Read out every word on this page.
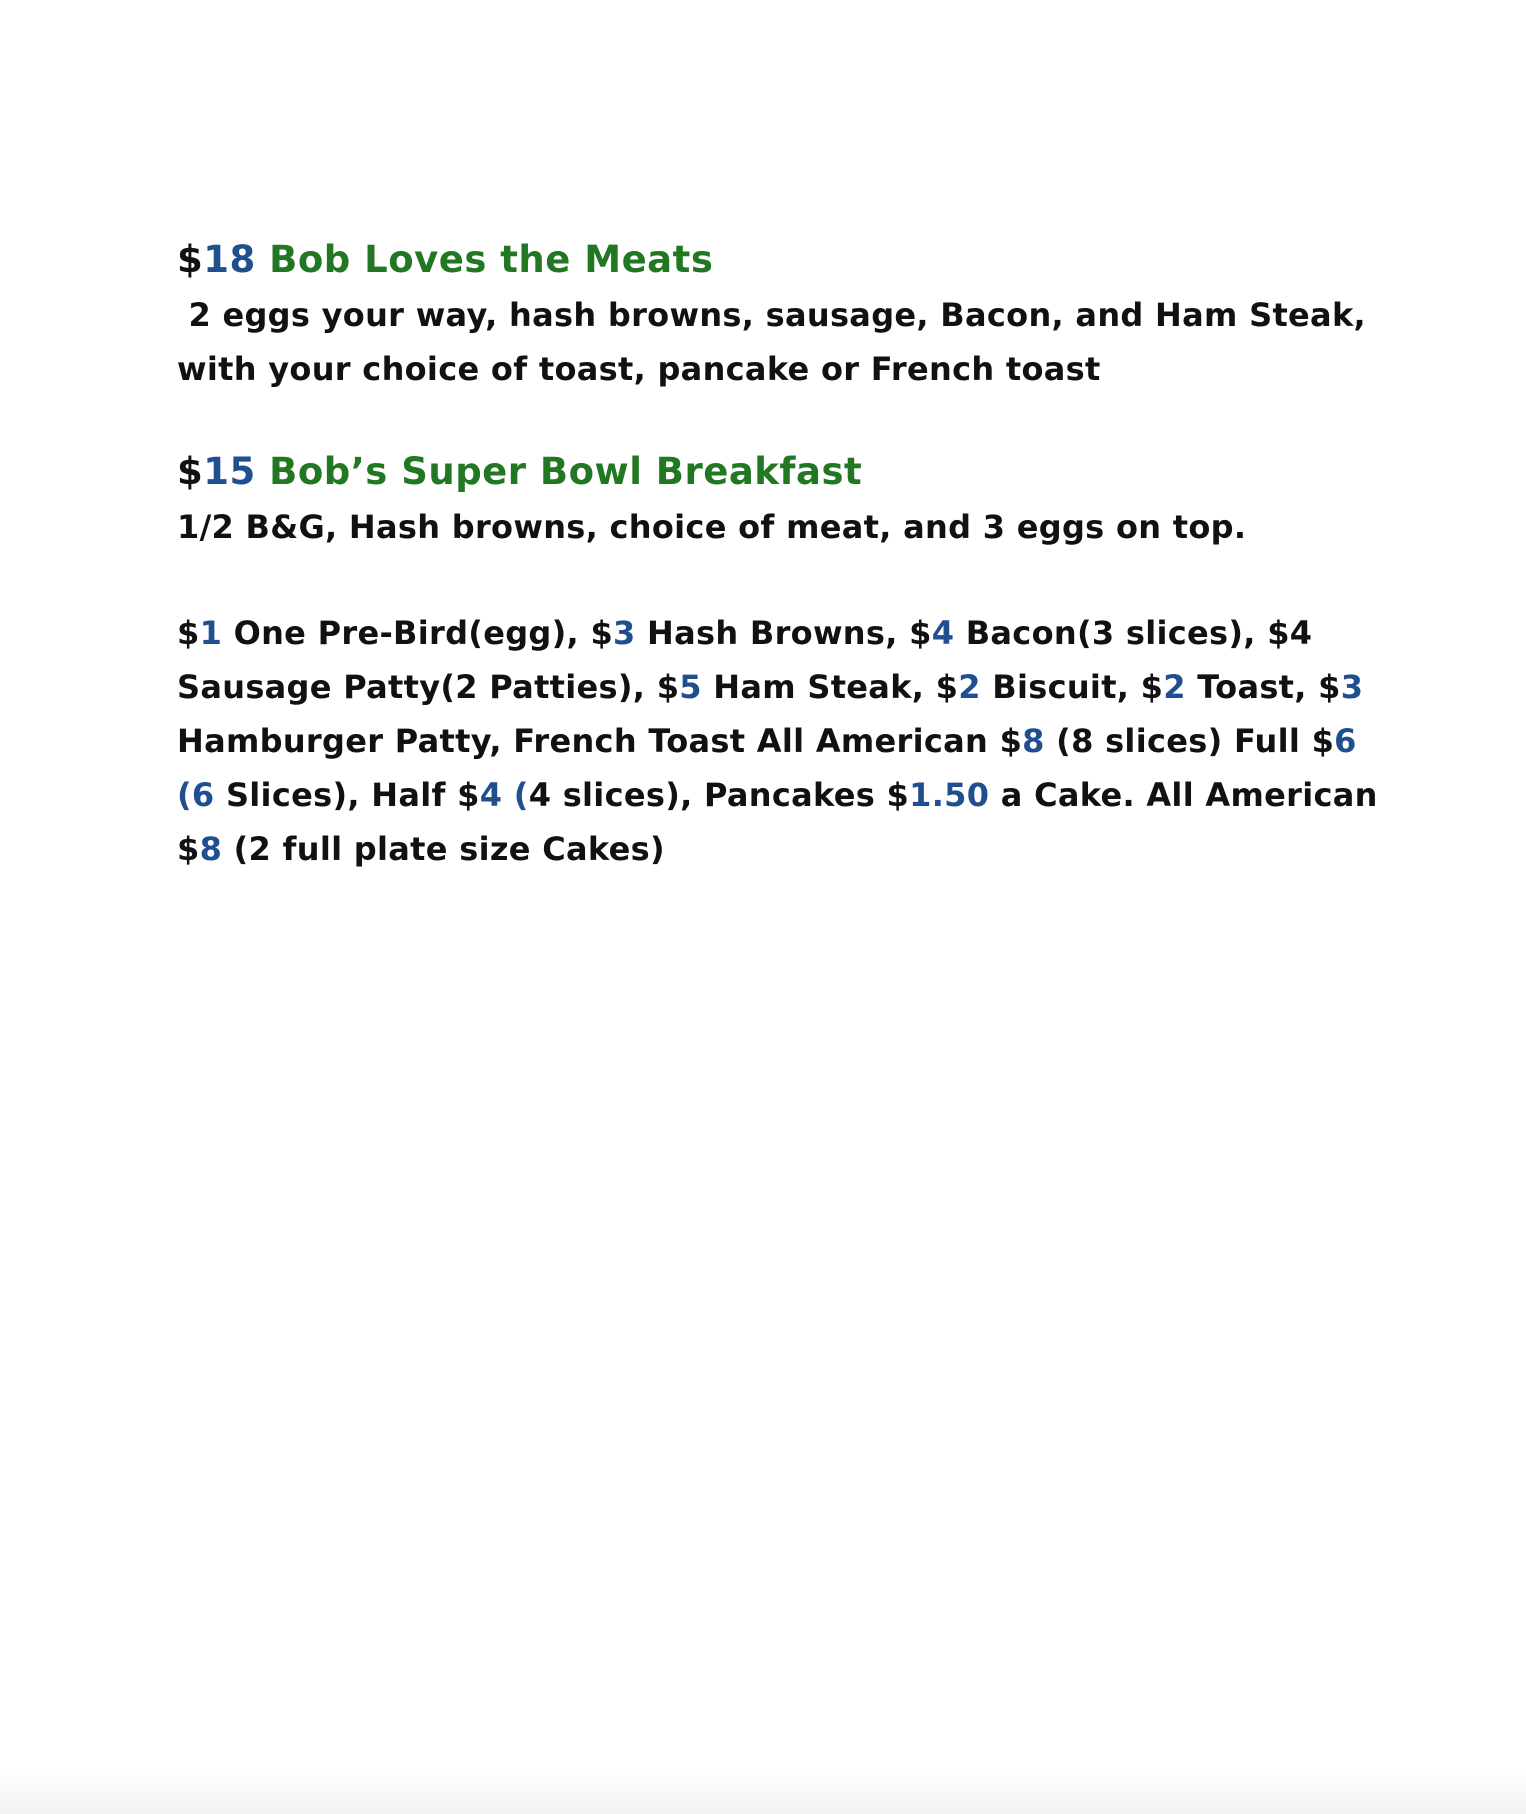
$18 Bob Loves the Meats
2 eggs your way, hash browns, sausage, Bacon, and Ham Steak,
with your choice of toast, pancake or French toast
$15 Bob’s Super Bowl Breakfast
1/2 B&G, Hash browns, choice of meat, and 3 eggs on top.
$1 One Pre-Bird(egg), $3 Hash Browns, $4 Bacon(3 slices), $4
Sausage Patty(2 Patties), $5 Ham Steak, $2 Biscuit, $2 Toast, $3
Hamburger Patty, French Toast All American $8 (8 slices) Full $6
(6 Slices), Half $4 (4 slices), Pancakes $1.50 a Cake. All American
$8 (2 full plate size Cakes)
